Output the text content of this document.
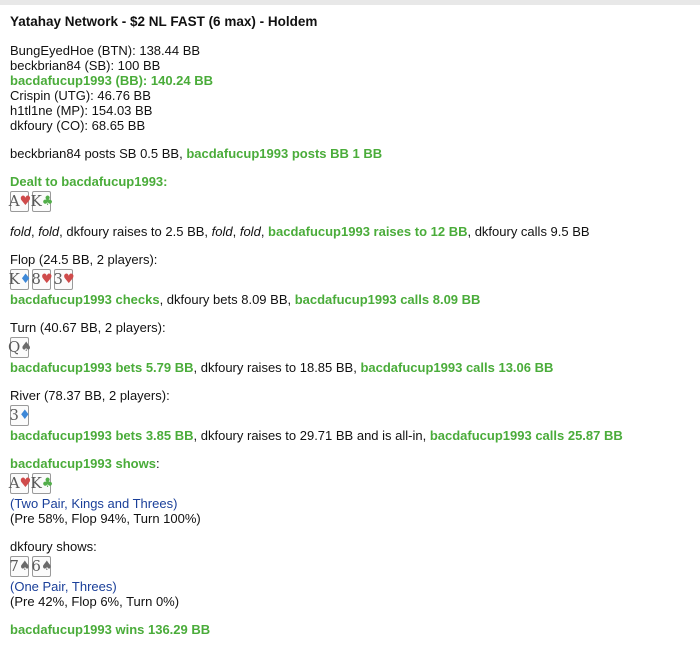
Yatahay Network - $2 NL FAST (6 max) - Holdem
BungEyedHoe (BTN): 138.44 BB
beckbrian84 (SB): 100 BB
bacdafucup1993 (BB): 140.24 BB
Crispin (UTG): 46.76 BB
h1tl1ne (MP): 154.03 BB
dkfoury (CO): 68.65 BB
beckbrian84 posts SB 0.5 BB, bacdafucup1993 posts BB 1 BB
Dealt to bacdafucup1993:
A ♥ K ♣
fold, fold, dkfoury raises to 2.5 BB, fold, fold, bacdafucup1993 raises to 12 BB, dkfoury calls 9.5 BB
Flop (24.5 BB, 2 players):
K ♦ 8 ♥ 3 ♥
bacdafucup1993 checks, dkfoury bets 8.09 BB, bacdafucup1993 calls 8.09 BB
Turn (40.67 BB, 2 players):
Q ♠
bacdafucup1993 bets 5.79 BB, dkfoury raises to 18.85 BB, bacdafucup1993 calls 13.06 BB
River (78.37 BB, 2 players):
3 ♦
bacdafucup1993 bets 3.85 BB, dkfoury raises to 29.71 BB and is all-in, bacdafucup1993 calls 25.87 BB
bacdafucup1993 shows:
A ♥ K ♣
(Two Pair, Kings and Threes)
(Pre 58%, Flop 94%, Turn 100%)
dkfoury shows:
7 ♠ 6 ♠
(One Pair, Threes)
(Pre 42%, Flop 6%, Turn 0%)
bacdafucup1993 wins 136.29 BB
